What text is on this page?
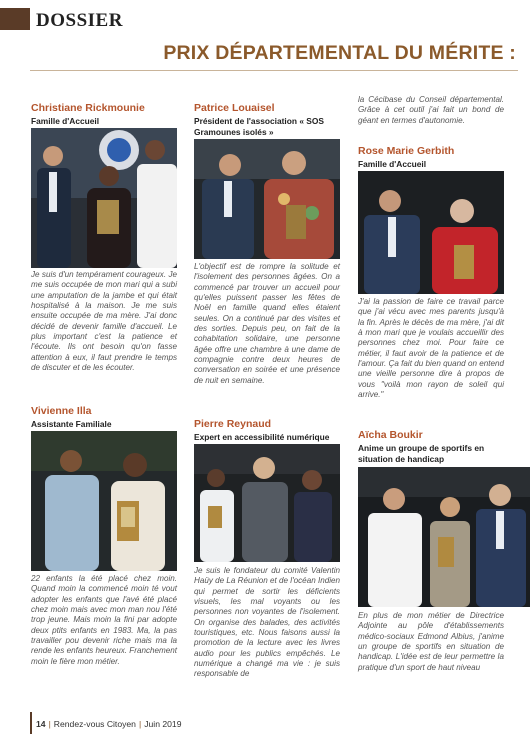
DOSSIER
PRIX DÉPARTEMENTAL DU MÉRITE :
Christiane Rickmounie
Famille d'Accueil

Je suis d'un tempérament courageux. Je me suis occupée de mon mari qui a subi une amputation de la jambe et qui était hospitalisé à la maison. Je me suis ensuite occupée de ma mère. J'ai donc décidé de devenir famille d'accueil. Le plus important c'est la patience et l'écoute. Ils ont besoin qu'on fasse attention à eux, il faut prendre le temps de discuter et de les écouter.

Vivienne Illa
Assistante Familiale

22 enfants la été placé chez moin. Quand moin la commencé moin té vout adopter les enfants que l'avé été placé chez moin mais avec mon man nou l'été trop jeune. Mais moin la fini par adopte deux ptits enfants en 1983. Ma, la pas travailler pou devenir riche mais ma la rende les enfants heureux. Franchement moin le fière mon métier.

Patrice Louaisel
Président de l'association « SOS Gramounes isolés »

L'objectif est de rompre la solitude et l'isolement des personnes âgées. On a commencé par trouver un accueil pour qu'elles puissent passer les fêtes de Noël en famille quand elles étaient seules. On a continué par des visites et des sorties. Depuis peu, on fait de la cohabitation solidaire, une personne âgée offre une chambre à une dame de compagnie contre deux heures de conversation en soirée et une présence de nuit en semaine.

Pierre Reynaud
Expert en accessibilité numérique

Je suis le fondateur du comité Valentin Haüy de La Réunion et de l'océan Indien qui permet de sortir les déficients visuels, les mal voyants ou les personnes non voyantes de l'isolement. On organise des balades, des activités touristiques, etc. Nous faisons aussi la promotion de la lecture avec les livres audio pour les publics empêchés. Le numérique a changé ma vie : je suis responsable de

la Cécibase du Conseil départemental. Grâce à cet outil j'ai fait un bond de géant en termes d'autonomie.

Rose Marie Gerbith
Famille d'Accueil

J'ai la passion de faire ce travail parce que j'ai vécu avec mes parents jusqu'à la fin. Après le décès de ma mère, j'ai dit à mon mari que je voulais accueillir des personnes chez moi. Pour faire ce métier, il faut avoir de la patience et de l'amour. Ça fait du bien quand on entend une vieille personne dire à propos de vous "voilà mon rayon de soleil qui arrive."

Aïcha Boukir
Anime un groupe de sportifs en situation de handicap

En plus de mon métier de Directrice Adjointe au pôle d'établissements médico-sociaux Edmond Albius, j'anime un groupe de sportifs en situation de handicap. L'idée est de leur permettre la pratique d'un sport de haut niveau

14 | Rendez-vous Citoyen | Juin 2019
